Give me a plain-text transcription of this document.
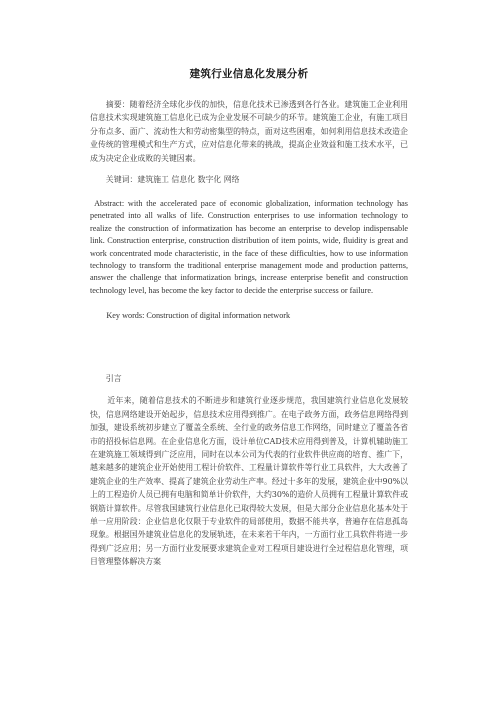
建筑行业信息化发展分析

摘要：随着经济全球化步伐的加快，信息化技术已渗透到各行各业。建筑施工企业利用信息技术实现建筑施工信息化已成为企业发展不可缺少的环节。建筑施工企业，有施工项目分布点多、面广、流动性大和劳动密集型的特点，面对这些困难，如何利用信息技术改造企业传统的管理模式和生产方式，应对信息化带来的挑战，提高企业效益和施工技术水平，已成为决定企业成败的关键因素。

关键词：建筑施工 信息化 数字化 网络

Abstract: with the accelerated pace of economic globalization, information technology has penetrated into all walks of life. Construction enterprises to use information technology to realize the construction of informatization has become an enterprise to develop indispensable link. Construction enterprise, construction distribution of item points, wide, fluidity is great and work concentrated mode characteristic, in the face of these difficulties, how to use information technology to transform the traditional enterprise management mode and production patterns, answer the challenge that informatization brings, increase enterprise benefit and construction technology level, has become the key factor to decide the enterprise success or failure.

Key words: Construction of digital information network

引言

近年来，随着信息技术的不断进步和建筑行业逐步规范，我国建筑行业信息化发展较快，信息网络建设开始起步，信息技术应用得到推广。在电子政务方面，政务信息网络得到加强，建设系统初步建立了覆盖全系统、全行业的政务信息工作网络，同时建立了覆盖各省市的招投标信息网。在企业信息化方面，设计单位CAD技术应用得到普及，计算机辅助施工在建筑施工领域得到广泛应用，同时在以本公司为代表的行业软件供应商的培育、推广下，越来越多的建筑企业开始使用工程计价软件、工程量计算软件等行业工具软件，大大改善了建筑企业的生产效率、提高了建筑企业劳动生产率。经过十多年的发展，建筑企业中90%以上的工程造价人员已拥有电脑和简单计价软件，大约30%的造价人员拥有工程量计算软件或钢筋计算软件。尽管我国建筑行业信息化已取得较大发展，但是大部分企业信息化基本处于单一应用阶段：企业信息化仅限于专业软件的局部使用，数据不能共享，普遍存在信息孤岛现象。根据国外建筑业信息化的发展轨迹，在未来若干年内，一方面行业工具软件将进一步得到广泛应用；另一方面行业发展要求建筑企业对工程项目建设进行全过程信息化管理，项目管理整体解决方案
